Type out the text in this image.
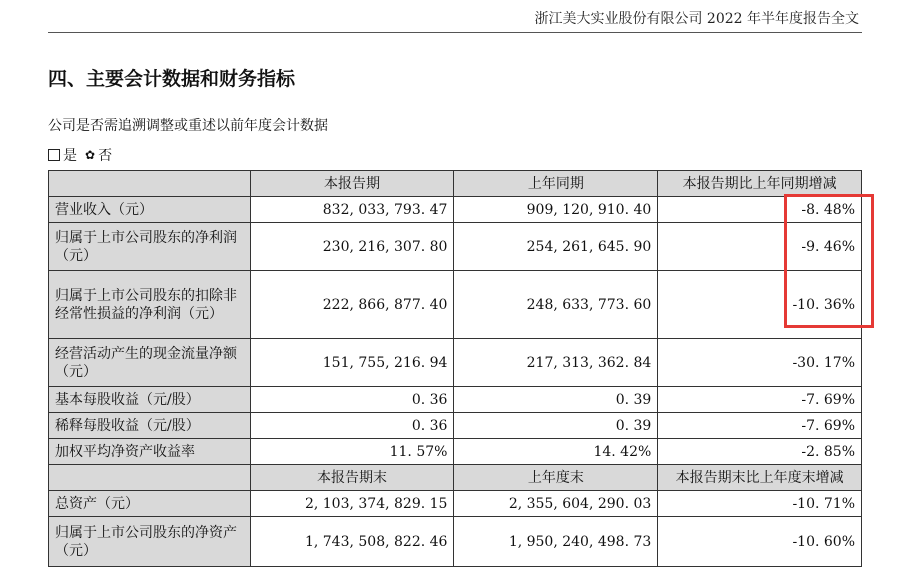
浙江美大实业股份有限公司 2022 年半年度报告全文
四、主要会计数据和财务指标
公司是否需追溯调整或重述以前年度会计数据
是 ✿ 否
	本报告期	上年同期	本报告期比上年同期增减
营业收入（元）	832, 033, 793. 47	909, 120, 910. 40	-8. 48%
归属于上市公司股东的净利润（元）	230, 216, 307. 80	254, 261, 645. 90	-9. 46%
归属于上市公司股东的扣除非经常性损益的净利润（元）	222, 866, 877. 40	248, 633, 773. 60	-10. 36%
经营活动产生的现金流量净额（元）	151, 755, 216. 94	217, 313, 362. 84	-30. 17%
基本每股收益（元/股）	0. 36	0. 39	-7. 69%
稀释每股收益（元/股）	0. 36	0. 39	-7. 69%
加权平均净资产收益率	11. 57%	14. 42%	-2. 85%
	本报告期末	上年度末	本报告期末比上年度末增减
总资产（元）	2, 103, 374, 829. 15	2, 355, 604, 290. 03	-10. 71%
归属于上市公司股东的净资产（元）	1, 743, 508, 822. 46	1, 950, 240, 498. 73	-10. 60%
